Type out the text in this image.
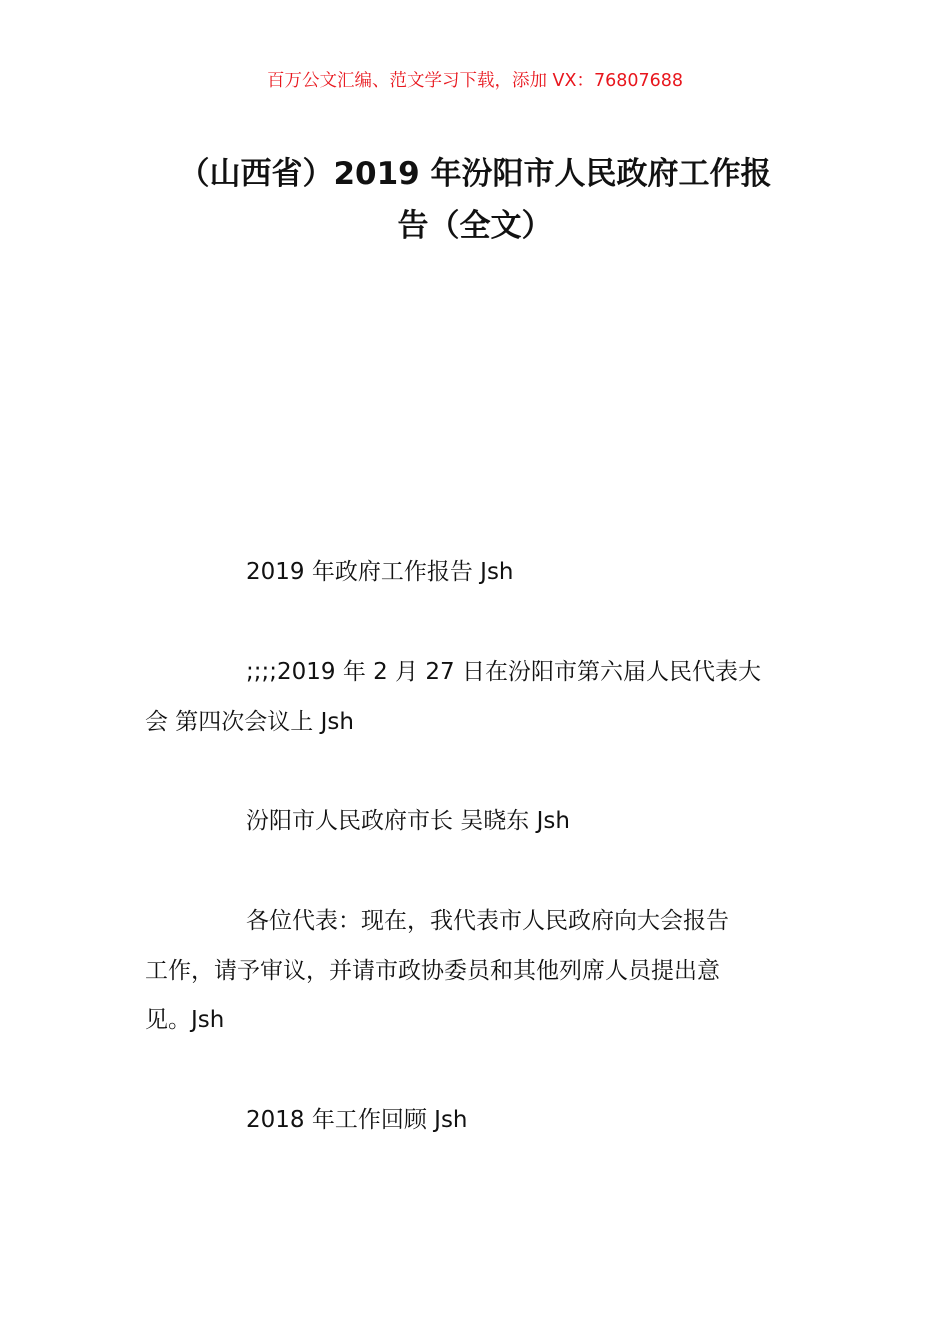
百万公文汇编、范文学习下载，添加 VX：76807688
（山西省）2019 年汾阳市人民政府工作报
告（全文）
2019 年政府工作报告 Jsh
;;;;2019 年 2 月 27 日在汾阳市第六届人民代表大
会 第四次会议上 Jsh
汾阳市人民政府市长 吴晓东 Jsh
各位代表：现在，我代表市人民政府向大会报告
工作，请予审议，并请市政协委员和其他列席人员提出意
见。Jsh
2018 年工作回顾 Jsh
